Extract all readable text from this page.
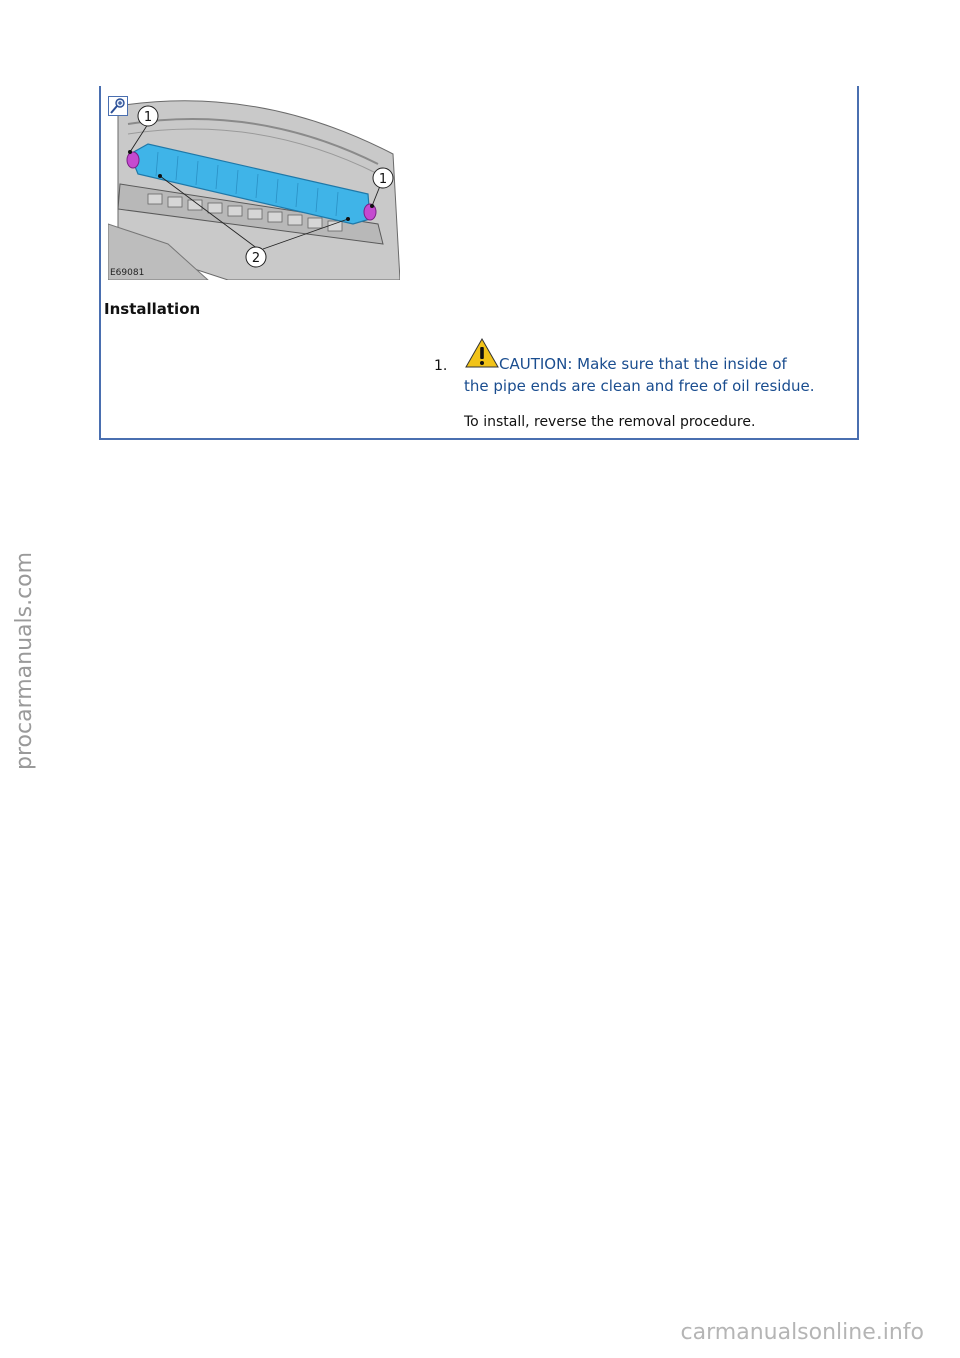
1
1
2
E69081
Installation
1.	CAUTION: Make sure that the inside of
the pipe ends are clean and free of oil residue.
To install, reverse the removal procedure.
procarmanuals.com
carmanualsonline.info
